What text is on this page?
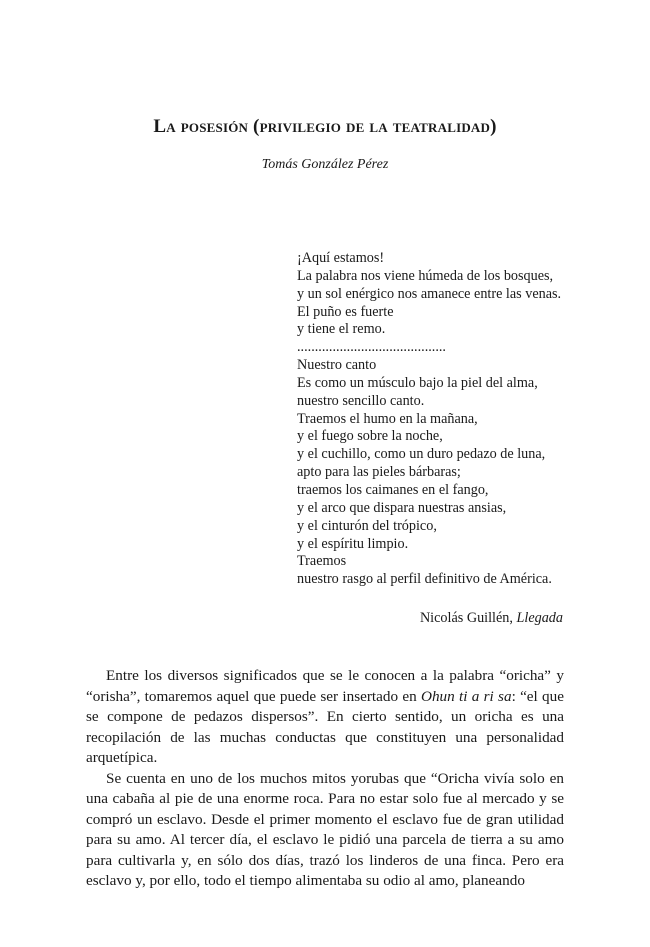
La posesión (privilegio de la teatralidad)
Tomás González Pérez
¡Aquí estamos!
La palabra nos viene húmeda de los bosques,
y un sol enérgico nos amanece entre las venas.
El puño es fuerte
y tiene el remo.
..........................................
Nuestro canto
Es como un músculo bajo la piel del alma,
nuestro sencillo canto.
Traemos el humo en la mañana,
y el fuego sobre la noche,
y el cuchillo, como un duro pedazo de luna,
apto para las pieles bárbaras;
traemos los caimanes en el fango,
y el arco que dispara nuestras ansias,
y el cinturón del trópico,
y el espíritu limpio.
Traemos
nuestro rasgo al perfil definitivo de América.

Nicolás Guillén, Llegada

Entre los diversos significados que se le conocen a la palabra “oricha” y “orisha”, tomaremos aquel que puede ser insertado en Ohun ti a ri sa: “el que se compone de pedazos dispersos”. En cierto sentido, un oricha es una recopilación de las muchas conductas que constituyen una personalidad arquetípica.

Se cuenta en uno de los muchos mitos yorubas que “Oricha vivía solo en una cabaña al pie de una enorme roca. Para no estar solo fue al mercado y se compró un esclavo. Desde el primer momento el esclavo fue de gran utilidad para su amo. Al tercer día, el esclavo le pidió una parcela de tierra a su amo para cultivarla y, en sólo dos días, trazó los linderos de una finca. Pero era esclavo y, por ello, todo el tiempo alimentaba su odio al amo, planeando
